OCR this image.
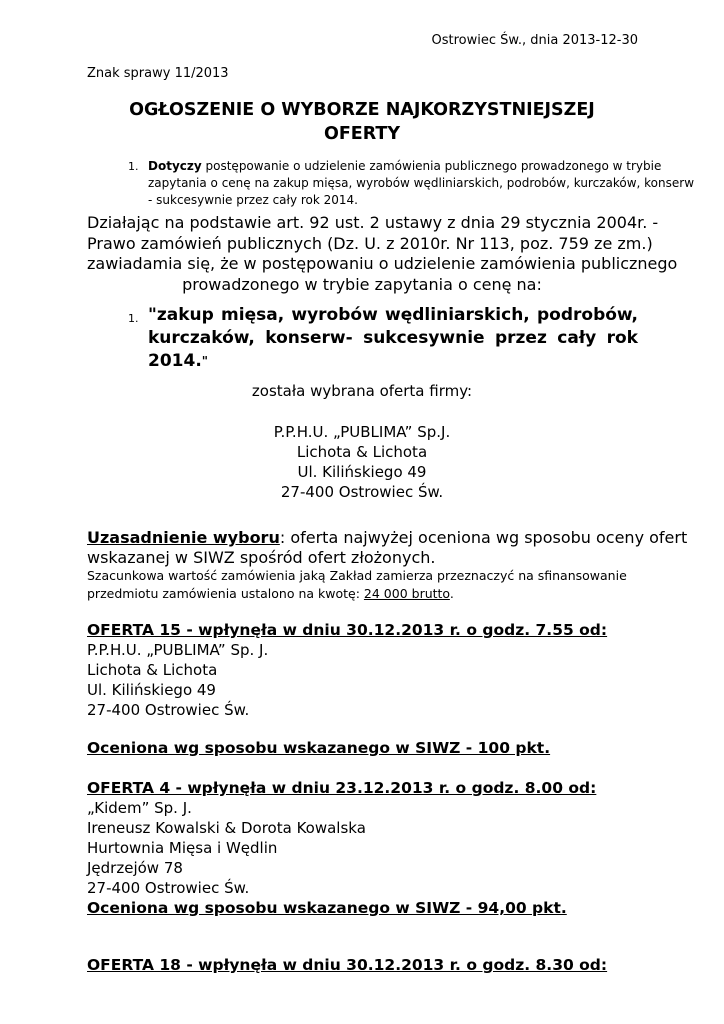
Ostrowiec Św., dnia 2013-12-30
Znak sprawy 11/2013
OGŁOSZENIE O WYBORZE NAJKORZYSTNIEJSZEJ
OFERTY
1. Dotyczy postępowanie o udzielenie zamówienia publicznego prowadzonego w trybie
zapytania o cenę na zakup mięsa, wyrobów wędliniarskich, podrobów, kurczaków, konserw
- sukcesywnie przez cały rok 2014.
Działając na podstawie art. 92 ust. 2 ustawy z dnia 29 stycznia 2004r. -
Prawo zamówień publicznych (Dz. U. z 2010r. Nr 113, poz. 759 ze zm.)
zawiadamia się, że w postępowaniu o udzielenie zamówienia publicznego
prowadzonego w trybie zapytania o cenę na:
1. "zakup mięsa, wyrobów wędliniarskich, podrobów,
kurczaków, konserw- sukcesywnie przez cały rok
2014."
została wybrana oferta firmy:
P.P.H.U. „PUBLIMA” Sp.J.
Lichota & Lichota
Ul. Kilińskiego 49
27-400 Ostrowiec Św.
Uzasadnienie wyboru: oferta najwyżej oceniona wg sposobu oceny ofert
wskazanej w SIWZ spośród ofert złożonych.
Szacunkowa wartość zamówienia jaką Zakład zamierza przeznaczyć na sfinansowanie
przedmiotu zamówienia ustalono na kwotę: 24 000 brutto.
OFERTA 15 - wpłynęła w dniu 30.12.2013 r. o godz. 7.55 od:
P.P.H.U. „PUBLIMA” Sp. J.
Lichota & Lichota
Ul. Kilińskiego 49
27-400 Ostrowiec Św.
Oceniona wg sposobu wskazanego w SIWZ - 100 pkt.
OFERTA 4 - wpłynęła w dniu 23.12.2013 r. o godz. 8.00 od:
„Kidem” Sp. J.
Ireneusz Kowalski & Dorota Kowalska
Hurtownia Mięsa i Wędlin
Jędrzejów 78
27-400 Ostrowiec Św.
Oceniona wg sposobu wskazanego w SIWZ - 94,00 pkt.
OFERTA 18 - wpłynęła w dniu 30.12.2013 r. o godz. 8.30 od:
